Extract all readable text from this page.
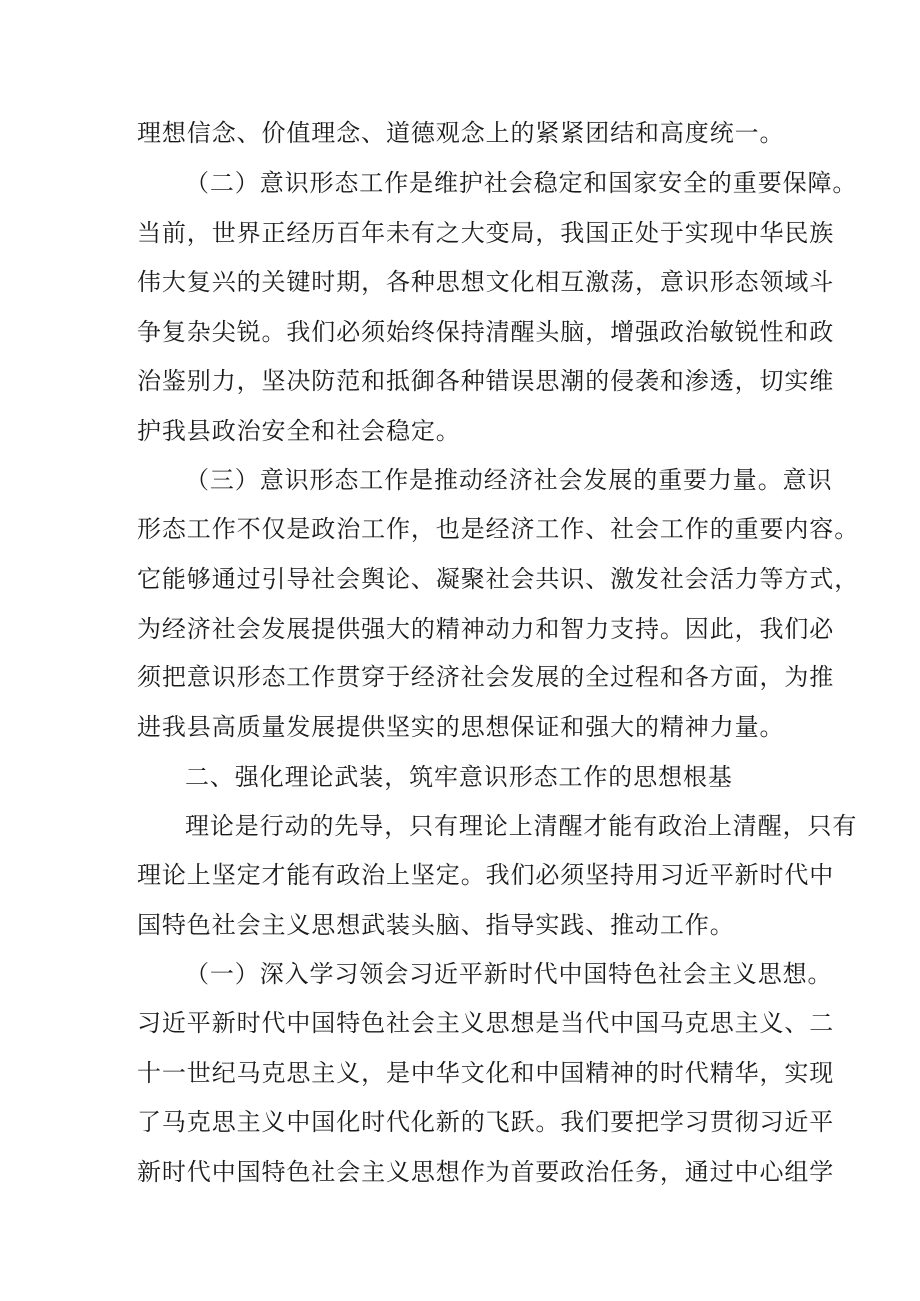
理想信念、价值理念、道德观念上的紧紧团结和高度统一。
（二）意识形态工作是维护社会稳定和国家安全的重要保障。
当前，世界正经历百年未有之大变局，我国正处于实现中华民族
伟大复兴的关键时期，各种思想文化相互激荡，意识形态领域斗
争复杂尖锐。我们必须始终保持清醒头脑，增强政治敏锐性和政
治鉴别力，坚决防范和抵御各种错误思潮的侵袭和渗透，切实维
护我县政治安全和社会稳定。
（三）意识形态工作是推动经济社会发展的重要力量。意识
形态工作不仅是政治工作，也是经济工作、社会工作的重要内容。
它能够通过引导社会舆论、凝聚社会共识、激发社会活力等方式，
为经济社会发展提供强大的精神动力和智力支持。因此，我们必
须把意识形态工作贯穿于经济社会发展的全过程和各方面，为推
进我县高质量发展提供坚实的思想保证和强大的精神力量。
二、强化理论武装，筑牢意识形态工作的思想根基
理论是行动的先导，只有理论上清醒才能有政治上清醒，只有
理论上坚定才能有政治上坚定。我们必须坚持用习近平新时代中
国特色社会主义思想武装头脑、指导实践、推动工作。
（一）深入学习领会习近平新时代中国特色社会主义思想。
习近平新时代中国特色社会主义思想是当代中国马克思主义、二
十一世纪马克思主义，是中华文化和中国精神的时代精华，实现
了马克思主义中国化时代化新的飞跃。我们要把学习贯彻习近平
新时代中国特色社会主义思想作为首要政治任务，通过中心组学
